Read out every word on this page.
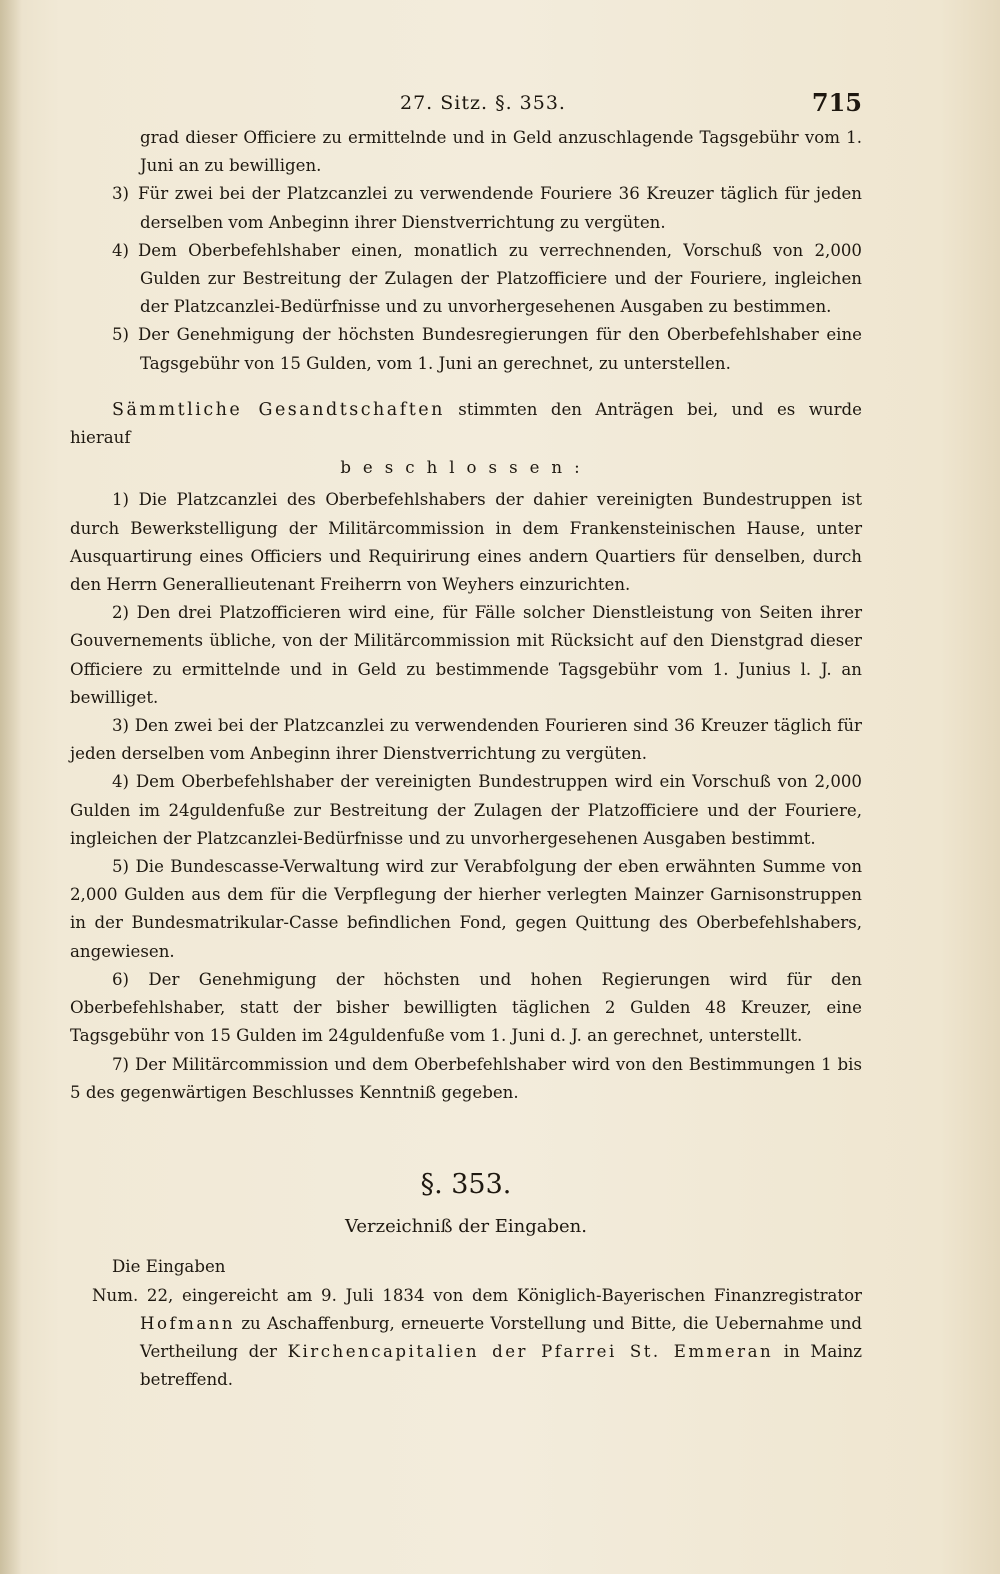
27. Sitz. §. 353.	715

grad dieser Officiere zu ermittelnde und in Geld anzuschlagende Tagsgebühr vom 1. Juni an zu bewilligen.

3) Für zwei bei der Platzcanzlei zu verwendende Fouriere 36 Kreuzer täglich für jeden derselben vom Anbeginn ihrer Dienstverrichtung zu vergüten.

4) Dem Oberbefehlshaber einen, monatlich zu verrechnenden, Vorschuß von 2,000 Gulden zur Bestreitung der Zulagen der Platzofficiere und der Fouriere, ingleichen der Platzcanzlei-Bedürfnisse und zu unvorhergesehenen Ausgaben zu bestimmen.

5) Der Genehmigung der höchsten Bundesregierungen für den Oberbefehlshaber eine Tagsgebühr von 15 Gulden, vom 1. Juni an gerechnet, zu unterstellen.

Sämmtliche Gesandtschaften stimmten den Anträgen bei, und es wurde hierauf

beschlossen:

1) Die Platzcanzlei des Oberbefehlshabers der dahier vereinigten Bundestruppen ist durch Bewerkstelligung der Militärcommission in dem Frankensteinischen Hause, unter Ausquartirung eines Officiers und Requirirung eines andern Quartiers für denselben, durch den Herrn Generallieutenant Freiherrn von Weyhers einzurichten.

2) Den drei Platzofficieren wird eine, für Fälle solcher Dienstleistung von Seiten ihrer Gouvernements übliche, von der Militärcommission mit Rücksicht auf den Dienstgrad dieser Officiere zu ermittelnde und in Geld zu bestimmende Tagsgebühr vom 1. Junius l. J. an bewilliget.

3) Den zwei bei der Platzcanzlei zu verwendenden Fourieren sind 36 Kreuzer täglich für jeden derselben vom Anbeginn ihrer Dienstverrichtung zu vergüten.

4) Dem Oberbefehlshaber der vereinigten Bundestruppen wird ein Vorschuß von 2,000 Gulden im 24guldenfuße zur Bestreitung der Zulagen der Platzofficiere und der Fouriere, ingleichen der Platzcanzlei-Bedürfnisse und zu unvorhergesehenen Ausgaben bestimmt.

5) Die Bundescasse-Verwaltung wird zur Verabfolgung der eben erwähnten Summe von 2,000 Gulden aus dem für die Verpflegung der hierher verlegten Mainzer Garnisonstruppen in der Bundesmatrikular-Casse befindlichen Fond, gegen Quittung des Oberbefehlshabers, angewiesen.

6) Der Genehmigung der höchsten und hohen Regierungen wird für den Oberbefehlshaber, statt der bisher bewilligten täglichen 2 Gulden 48 Kreuzer, eine Tagsgebühr von 15 Gulden im 24guldenfuße vom 1. Juni d. J. an gerechnet, unterstellt.

7) Der Militärcommission und dem Oberbefehlshaber wird von den Bestimmungen 1 bis 5 des gegenwärtigen Beschlusses Kenntniß gegeben.

§. 353.

Verzeichniß der Eingaben.

Die Eingaben

Num. 22, eingereicht am 9. Juli 1834 von dem Königlich-Bayerischen Finanzregistrator Hofmann zu Aschaffenburg, erneuerte Vorstellung und Bitte, die Uebernahme und Vertheilung der Kirchencapitalien der Pfarrei St. Emmeran in Mainz betreffend.
